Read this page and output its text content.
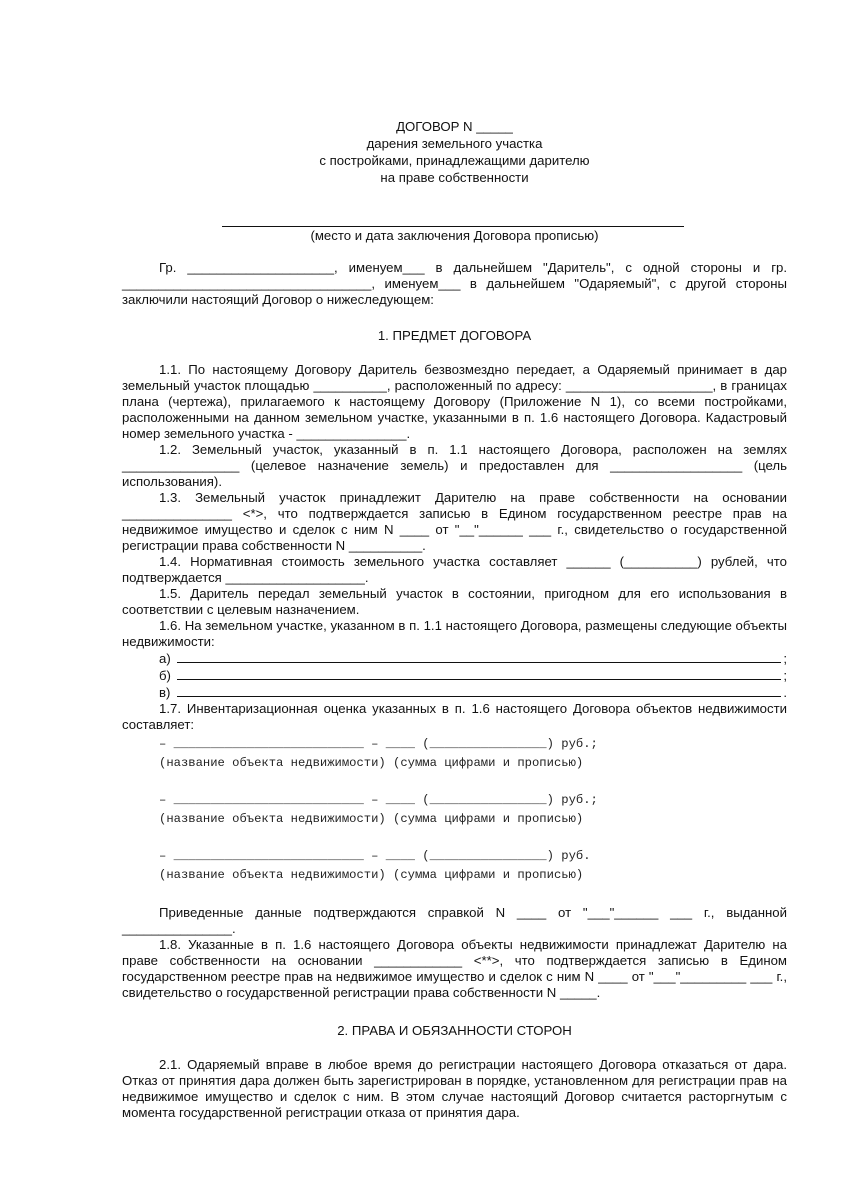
ДОГОВОР N _____
дарения земельного участка
с постройками, принадлежащими дарителю
на праве собственности
(место и дата заключения Договора прописью)

Гр. ____________________, именуем___ в дальнейшем "Даритель", с одной стороны и гр.

__________________________________, именуем___ в дальнейшем "Одаряемый", с другой стороны

заключили настоящий Договор о нижеследующем:

1. ПРЕДМЕТ ДОГОВОРА

1.1. По настоящему Договору Даритель безвозмездно передает, а Одаряемый принимает в дар земельный участок площадью __________, расположенный по адресу: ____________________, в границах плана (чертежа), прилагаемого к настоящему Договору (Приложение N 1), со всеми постройками, расположенными на данном земельном участке, указанными в п. 1.6 настоящего Договора. Кадастровый номер земельного участка - _______________.

1.2. Земельный участок, указанный в п. 1.1 настоящего Договора, расположен на землях ________________ (целевое назначение земель) и предоставлен для __________________ (цель использования).

1.3. Земельный участок принадлежит Дарителю на праве собственности на основании _______________ <*>, что подтверждается записью в Едином государственном реестре прав на недвижимое имущество и сделок с ним N ____ от "__"______ ___ г., свидетельство о государственной регистрации права собственности N __________.

1.4. Нормативная стоимость земельного участка составляет ______ (__________) рублей, что подтверждается ___________________.

1.5. Даритель передал земельный участок в состоянии, пригодном для его использования в соответствии с целевым назначением.

1.6. На земельном участке, указанном в п. 1.1 настоящего Договора, размещены следующие объекты недвижимости:

а)	;
б)	;
в)	.

1.7. Инвентаризационная оценка указанных в п. 1.6 настоящего Договора объектов недвижимости составляет:

– __________________________ – ____ (________________) руб.;
(название объекта недвижимости) (сумма цифрами и прописью)
– __________________________ – ____ (________________) руб.;
(название объекта недвижимости) (сумма цифрами и прописью)
– __________________________ – ____ (________________) руб.
(название объекта недвижимости) (сумма цифрами и прописью)

Приведенные данные подтверждаются справкой N ____ от "___"______ ___ г., выданной _______________.

1.8. Указанные в п. 1.6 настоящего Договора объекты недвижимости принадлежат Дарителю на праве собственности на основании ____________ <**>, что подтверждается записью в Едином государственном реестре прав на недвижимое имущество и сделок с ним N ____ от "___"_________ ___ г., свидетельство о государственной регистрации права собственности N _____.

2. ПРАВА И ОБЯЗАННОСТИ СТОРОН

2.1. Одаряемый вправе в любое время до регистрации настоящего Договора отказаться от дара. Отказ от принятия дара должен быть зарегистрирован в порядке, установленном для регистрации прав на недвижимое имущество и сделок с ним. В этом случае настоящий Договор считается расторгнутым с момента государственной регистрации отказа от принятия дара.
